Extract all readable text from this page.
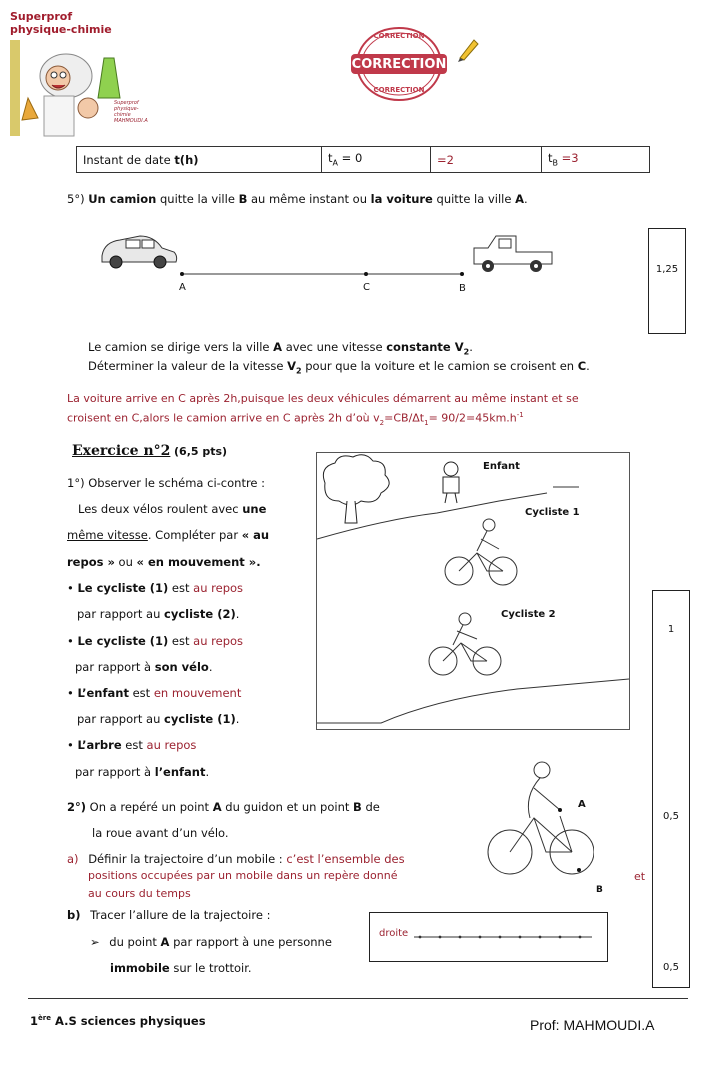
Superprof
physique-chimie
Superprof
physique-chimie
MAHMOUDI.A
CORRECTION
CORRECTION
CORRECTION
Instant de date t(h)	$t_A = 0$	=2	$t_B =3$
5°) Un camion quitte la ville B au même instant ou la voiture quitte la ville A.
A	C	B
1,25
Le camion se dirige vers la ville A avec une vitesse constante $V_2$.
Déterminer la valeur de la vitesse $V_2$ pour que la voiture et le camion se croisent en C.
La voiture arrive en C après 2h,puisque les deux véhicules démarrent au même instant et se
croisent en C,alors le camion arrive en C après 2h d’où $v_2=CB/\Delta t_1= 90/2=45km.h^{-1}$
Exercice n°2 (6,5 pts)
1°) Observer le schéma ci-contre :
Les deux vélos roulent avec une
même vitesse. Compléter par « au
repos » ou « en mouvement ».
• Le cycliste (1) est au repos
par rapport au cycliste (2).
• Le cycliste (1) est au repos
par rapport à son vélo.
• L’enfant est en mouvement
par rapport au cycliste (1).
• L’arbre est au repos
par rapport à l’enfant.
Enfant
Cycliste 1
Cycliste 2
1
0,5
0,5
2°) On a repéré un point A du guidon et un point B de
la roue avant d’un vélo.
A
B
a) Définir la trajectoire d’un mobile : c’est l’ensemble des
positions occupées par un mobile dans un repère donné	et
au cours du temps
b) Tracer l’allure de la trajectoire :
➢ du point A par rapport à une personne
immobile sur le trottoir.
droite
1ère A.S sciences physiques	Prof: MAHMOUDI.A
